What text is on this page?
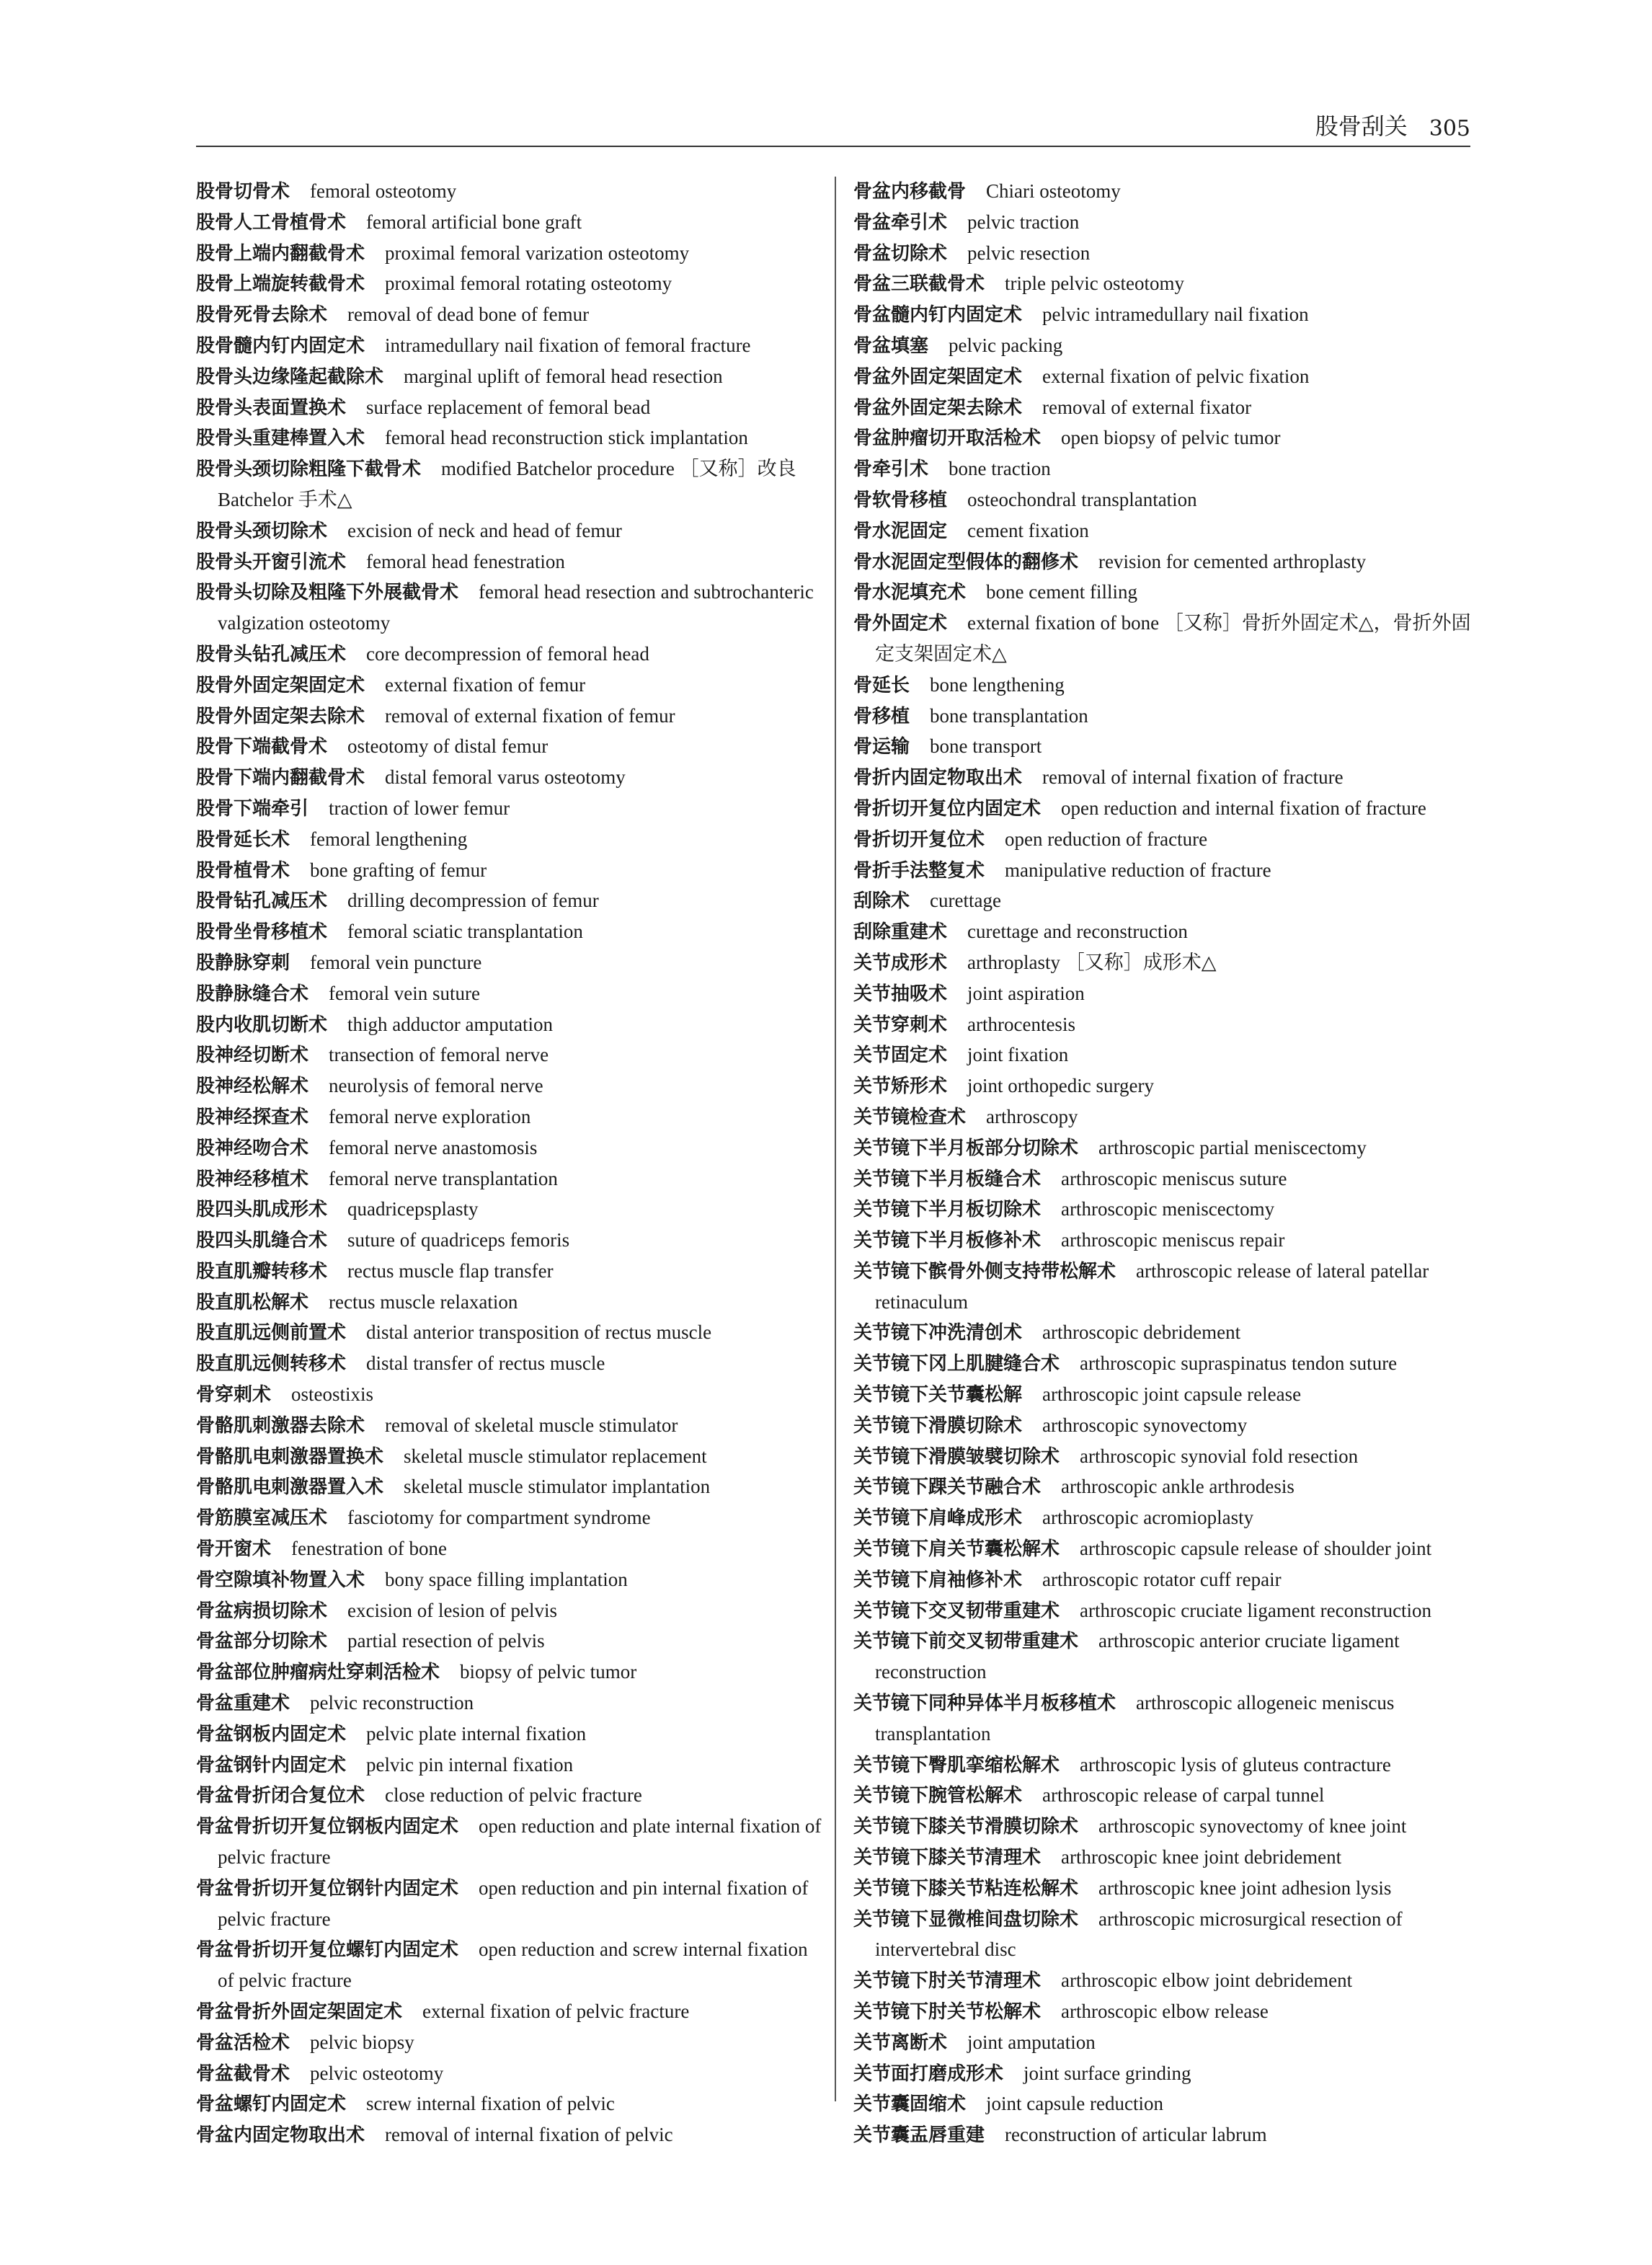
股骨刮关 305

股骨切骨术 femoral osteotomy

股骨人工骨植骨术 femoral artificial bone graft

股骨上端内翻截骨术 proximal femoral varization osteotomy

股骨上端旋转截骨术 proximal femoral rotating osteotomy

股骨死骨去除术 removal of dead bone of femur

股骨髓内钉内固定术 intramedullary nail fixation of femoral fracture

股骨头边缘隆起截除术 marginal uplift of femoral head resection

股骨头表面置换术 surface replacement of femoral bead

股骨头重建棒置入术 femoral head reconstruction stick implantation

股骨头颈切除粗隆下截骨术 modified Batchelor procedure ［又称］改良 Batchelor 手术△

股骨头颈切除术 excision of neck and head of femur

股骨头开窗引流术 femoral head fenestration

股骨头切除及粗隆下外展截骨术 femoral head resection and subtrochanteric valgization osteotomy

股骨头钻孔减压术 core decompression of femoral head

股骨外固定架固定术 external fixation of femur

股骨外固定架去除术 removal of external fixation of femur

股骨下端截骨术 osteotomy of distal femur

股骨下端内翻截骨术 distal femoral varus osteotomy

股骨下端牵引 traction of lower femur

股骨延长术 femoral lengthening

股骨植骨术 bone grafting of femur

股骨钻孔减压术 drilling decompression of femur

股骨坐骨移植术 femoral sciatic transplantation

股静脉穿刺 femoral vein puncture

股静脉缝合术 femoral vein suture

股内收肌切断术 thigh adductor amputation

股神经切断术 transection of femoral nerve

股神经松解术 neurolysis of femoral nerve

股神经探查术 femoral nerve exploration

股神经吻合术 femoral nerve anastomosis

股神经移植术 femoral nerve transplantation

股四头肌成形术 quadricepsplasty

股四头肌缝合术 suture of quadriceps femoris

股直肌瓣转移术 rectus muscle flap transfer

股直肌松解术 rectus muscle relaxation

股直肌远侧前置术 distal anterior transposition of rectus muscle

股直肌远侧转移术 distal transfer of rectus muscle

骨穿刺术 osteostixis

骨骼肌刺激器去除术 removal of skeletal muscle stimulator

骨骼肌电刺激器置换术 skeletal muscle stimulator replacement

骨骼肌电刺激器置入术 skeletal muscle stimulator implantation

骨筋膜室减压术 fasciotomy for compartment syndrome

骨开窗术 fenestration of bone

骨空隙填补物置入术 bony space filling implantation

骨盆病损切除术 excision of lesion of pelvis

骨盆部分切除术 partial resection of pelvis

骨盆部位肿瘤病灶穿刺活检术 biopsy of pelvic tumor

骨盆重建术 pelvic reconstruction

骨盆钢板内固定术 pelvic plate internal fixation

骨盆钢针内固定术 pelvic pin internal fixation

骨盆骨折闭合复位术 close reduction of pelvic fracture

骨盆骨折切开复位钢板内固定术 open reduction and plate internal fixation of pelvic fracture

骨盆骨折切开复位钢针内固定术 open reduction and pin internal fixation of pelvic fracture

骨盆骨折切开复位螺钉内固定术 open reduction and screw internal fixation of pelvic fracture

骨盆骨折外固定架固定术 external fixation of pelvic fracture

骨盆活检术 pelvic biopsy

骨盆截骨术 pelvic osteotomy

骨盆螺钉内固定术 screw internal fixation of pelvic

骨盆内固定物取出术 removal of internal fixation of pelvic

骨盆内移截骨 Chiari osteotomy

骨盆牵引术 pelvic traction

骨盆切除术 pelvic resection

骨盆三联截骨术 triple pelvic osteotomy

骨盆髓内钉内固定术 pelvic intramedullary nail fixation

骨盆填塞 pelvic packing

骨盆外固定架固定术 external fixation of pelvic fixation

骨盆外固定架去除术 removal of external fixator

骨盆肿瘤切开取活检术 open biopsy of pelvic tumor

骨牵引术 bone traction

骨软骨移植 osteochondral transplantation

骨水泥固定 cement fixation

骨水泥固定型假体的翻修术 revision for cemented arthroplasty

骨水泥填充术 bone cement filling

骨外固定术 external fixation of bone ［又称］骨折外固定术△，骨折外固定支架固定术△

骨延长 bone lengthening

骨移植 bone transplantation

骨运输 bone transport

骨折内固定物取出术 removal of internal fixation of fracture

骨折切开复位内固定术 open reduction and internal fixation of fracture

骨折切开复位术 open reduction of fracture

骨折手法整复术 manipulative reduction of fracture

刮除术 curettage

刮除重建术 curettage and reconstruction

关节成形术 arthroplasty ［又称］成形术△

关节抽吸术 joint aspiration

关节穿刺术 arthrocentesis

关节固定术 joint fixation

关节矫形术 joint orthopedic surgery

关节镜检查术 arthroscopy

关节镜下半月板部分切除术 arthroscopic partial meniscectomy

关节镜下半月板缝合术 arthroscopic meniscus suture

关节镜下半月板切除术 arthroscopic meniscectomy

关节镜下半月板修补术 arthroscopic meniscus repair

关节镜下髌骨外侧支持带松解术 arthroscopic release of lateral patellar retinaculum

关节镜下冲洗清创术 arthroscopic debridement

关节镜下冈上肌腱缝合术 arthroscopic supraspinatus tendon suture

关节镜下关节囊松解 arthroscopic joint capsule release

关节镜下滑膜切除术 arthroscopic synovectomy

关节镜下滑膜皱襞切除术 arthroscopic synovial fold resection

关节镜下踝关节融合术 arthroscopic ankle arthrodesis

关节镜下肩峰成形术 arthroscopic acromioplasty

关节镜下肩关节囊松解术 arthroscopic capsule release of shoulder joint

关节镜下肩袖修补术 arthroscopic rotator cuff repair

关节镜下交叉韧带重建术 arthroscopic cruciate ligament reconstruction

关节镜下前交叉韧带重建术 arthroscopic anterior cruciate ligament reconstruction

关节镜下同种异体半月板移植术 arthroscopic allogeneic meniscus transplantation

关节镜下臀肌挛缩松解术 arthroscopic lysis of gluteus contracture

关节镜下腕管松解术 arthroscopic release of carpal tunnel

关节镜下膝关节滑膜切除术 arthroscopic synovectomy of knee joint

关节镜下膝关节清理术 arthroscopic knee joint debridement

关节镜下膝关节粘连松解术 arthroscopic knee joint adhesion lysis

关节镜下显微椎间盘切除术 arthroscopic microsurgical resection of intervertebral disc

关节镜下肘关节清理术 arthroscopic elbow joint debridement

关节镜下肘关节松解术 arthroscopic elbow release

关节离断术 joint amputation

关节面打磨成形术 joint surface grinding

关节囊固缩术 joint capsule reduction

关节囊盂唇重建 reconstruction of articular labrum
